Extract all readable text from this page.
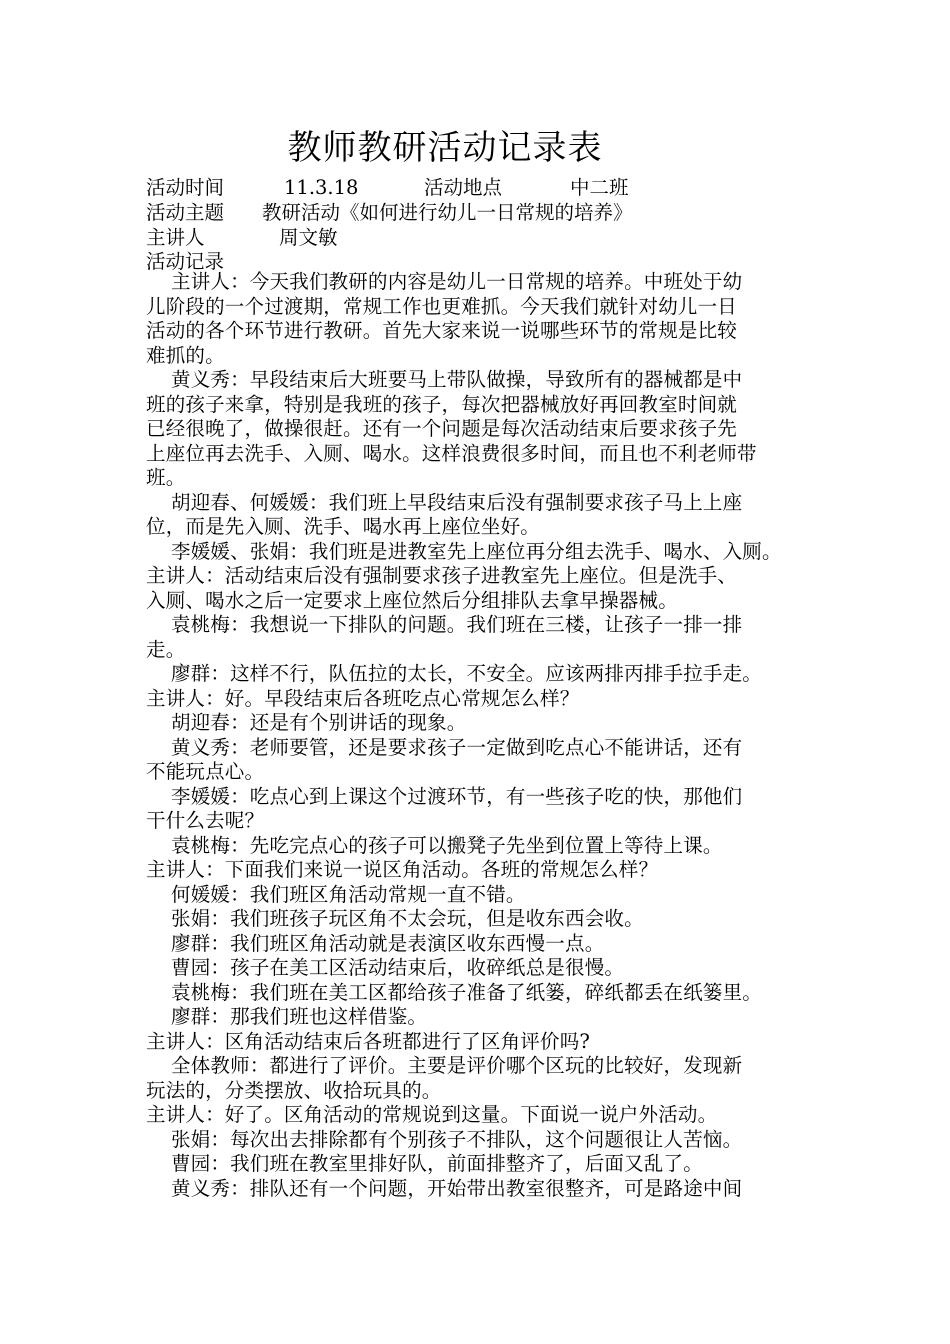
教师教研活动记录表
活动时间	11.3.18	活动地点	中二班
活动主题 教研活动《如何进行幼儿一日常规的培养》
主讲人	周文敏
活动记录
主讲人：今天我们教研的内容是幼儿一日常规的培养。中班处于幼
儿阶段的一个过渡期，常规工作也更难抓。今天我们就针对幼儿一日
活动的各个环节进行教研。首先大家来说一说哪些环节的常规是比较
难抓的。
黄义秀：早段结束后大班要马上带队做操，导致所有的器械都是中
班的孩子来拿，特别是我班的孩子，每次把器械放好再回教室时间就
已经很晚了，做操很赶。还有一个问题是每次活动结束后要求孩子先
上座位再去洗手、入厕、喝水。这样浪费很多时间，而且也不利老师带
班。
胡迎春、何媛媛：我们班上早段结束后没有强制要求孩子马上上座
位，而是先入厕、洗手、喝水再上座位坐好。
李媛媛、张娟：我们班是进教室先上座位再分组去洗手、喝水、入厕。
主讲人：活动结束后没有强制要求孩子进教室先上座位。但是洗手、
入厕、喝水之后一定要求上座位然后分组排队去拿早操器械。
袁桃梅：我想说一下排队的问题。我们班在三楼，让孩子一排一排
走。
廖群：这样不行，队伍拉的太长，不安全。应该两排丙排手拉手走。
主讲人：好。早段结束后各班吃点心常规怎么样？
胡迎春：还是有个别讲话的现象。
黄义秀：老师要管，还是要求孩子一定做到吃点心不能讲话，还有
不能玩点心。
李媛媛：吃点心到上课这个过渡环节，有一些孩子吃的快，那他们
干什么去呢？
袁桃梅：先吃完点心的孩子可以搬凳子先坐到位置上等待上课。
主讲人：下面我们来说一说区角活动。各班的常规怎么样？
何媛媛：我们班区角活动常规一直不错。
张娟：我们班孩子玩区角不太会玩，但是收东西会收。
廖群：我们班区角活动就是表演区收东西慢一点。
曹园：孩子在美工区活动结束后，收碎纸总是很慢。
袁桃梅：我们班在美工区都给孩子准备了纸篓，碎纸都丢在纸篓里。
廖群：那我们班也这样借鉴。
主讲人：区角活动结束后各班都进行了区角评价吗?
全体教师：都进行了评价。主要是评价哪个区玩的比较好，发现新
玩法的，分类摆放、收拾玩具的。
主讲人：好了。区角活动的常规说到这量。下面说一说户外活动。
张娟：每次出去排除都有个别孩子不排队，这个问题很让人苦恼。
曹园：我们班在教室里排好队，前面排整齐了，后面又乱了。
黄义秀：排队还有一个问题，开始带出教室很整齐，可是路途中间
